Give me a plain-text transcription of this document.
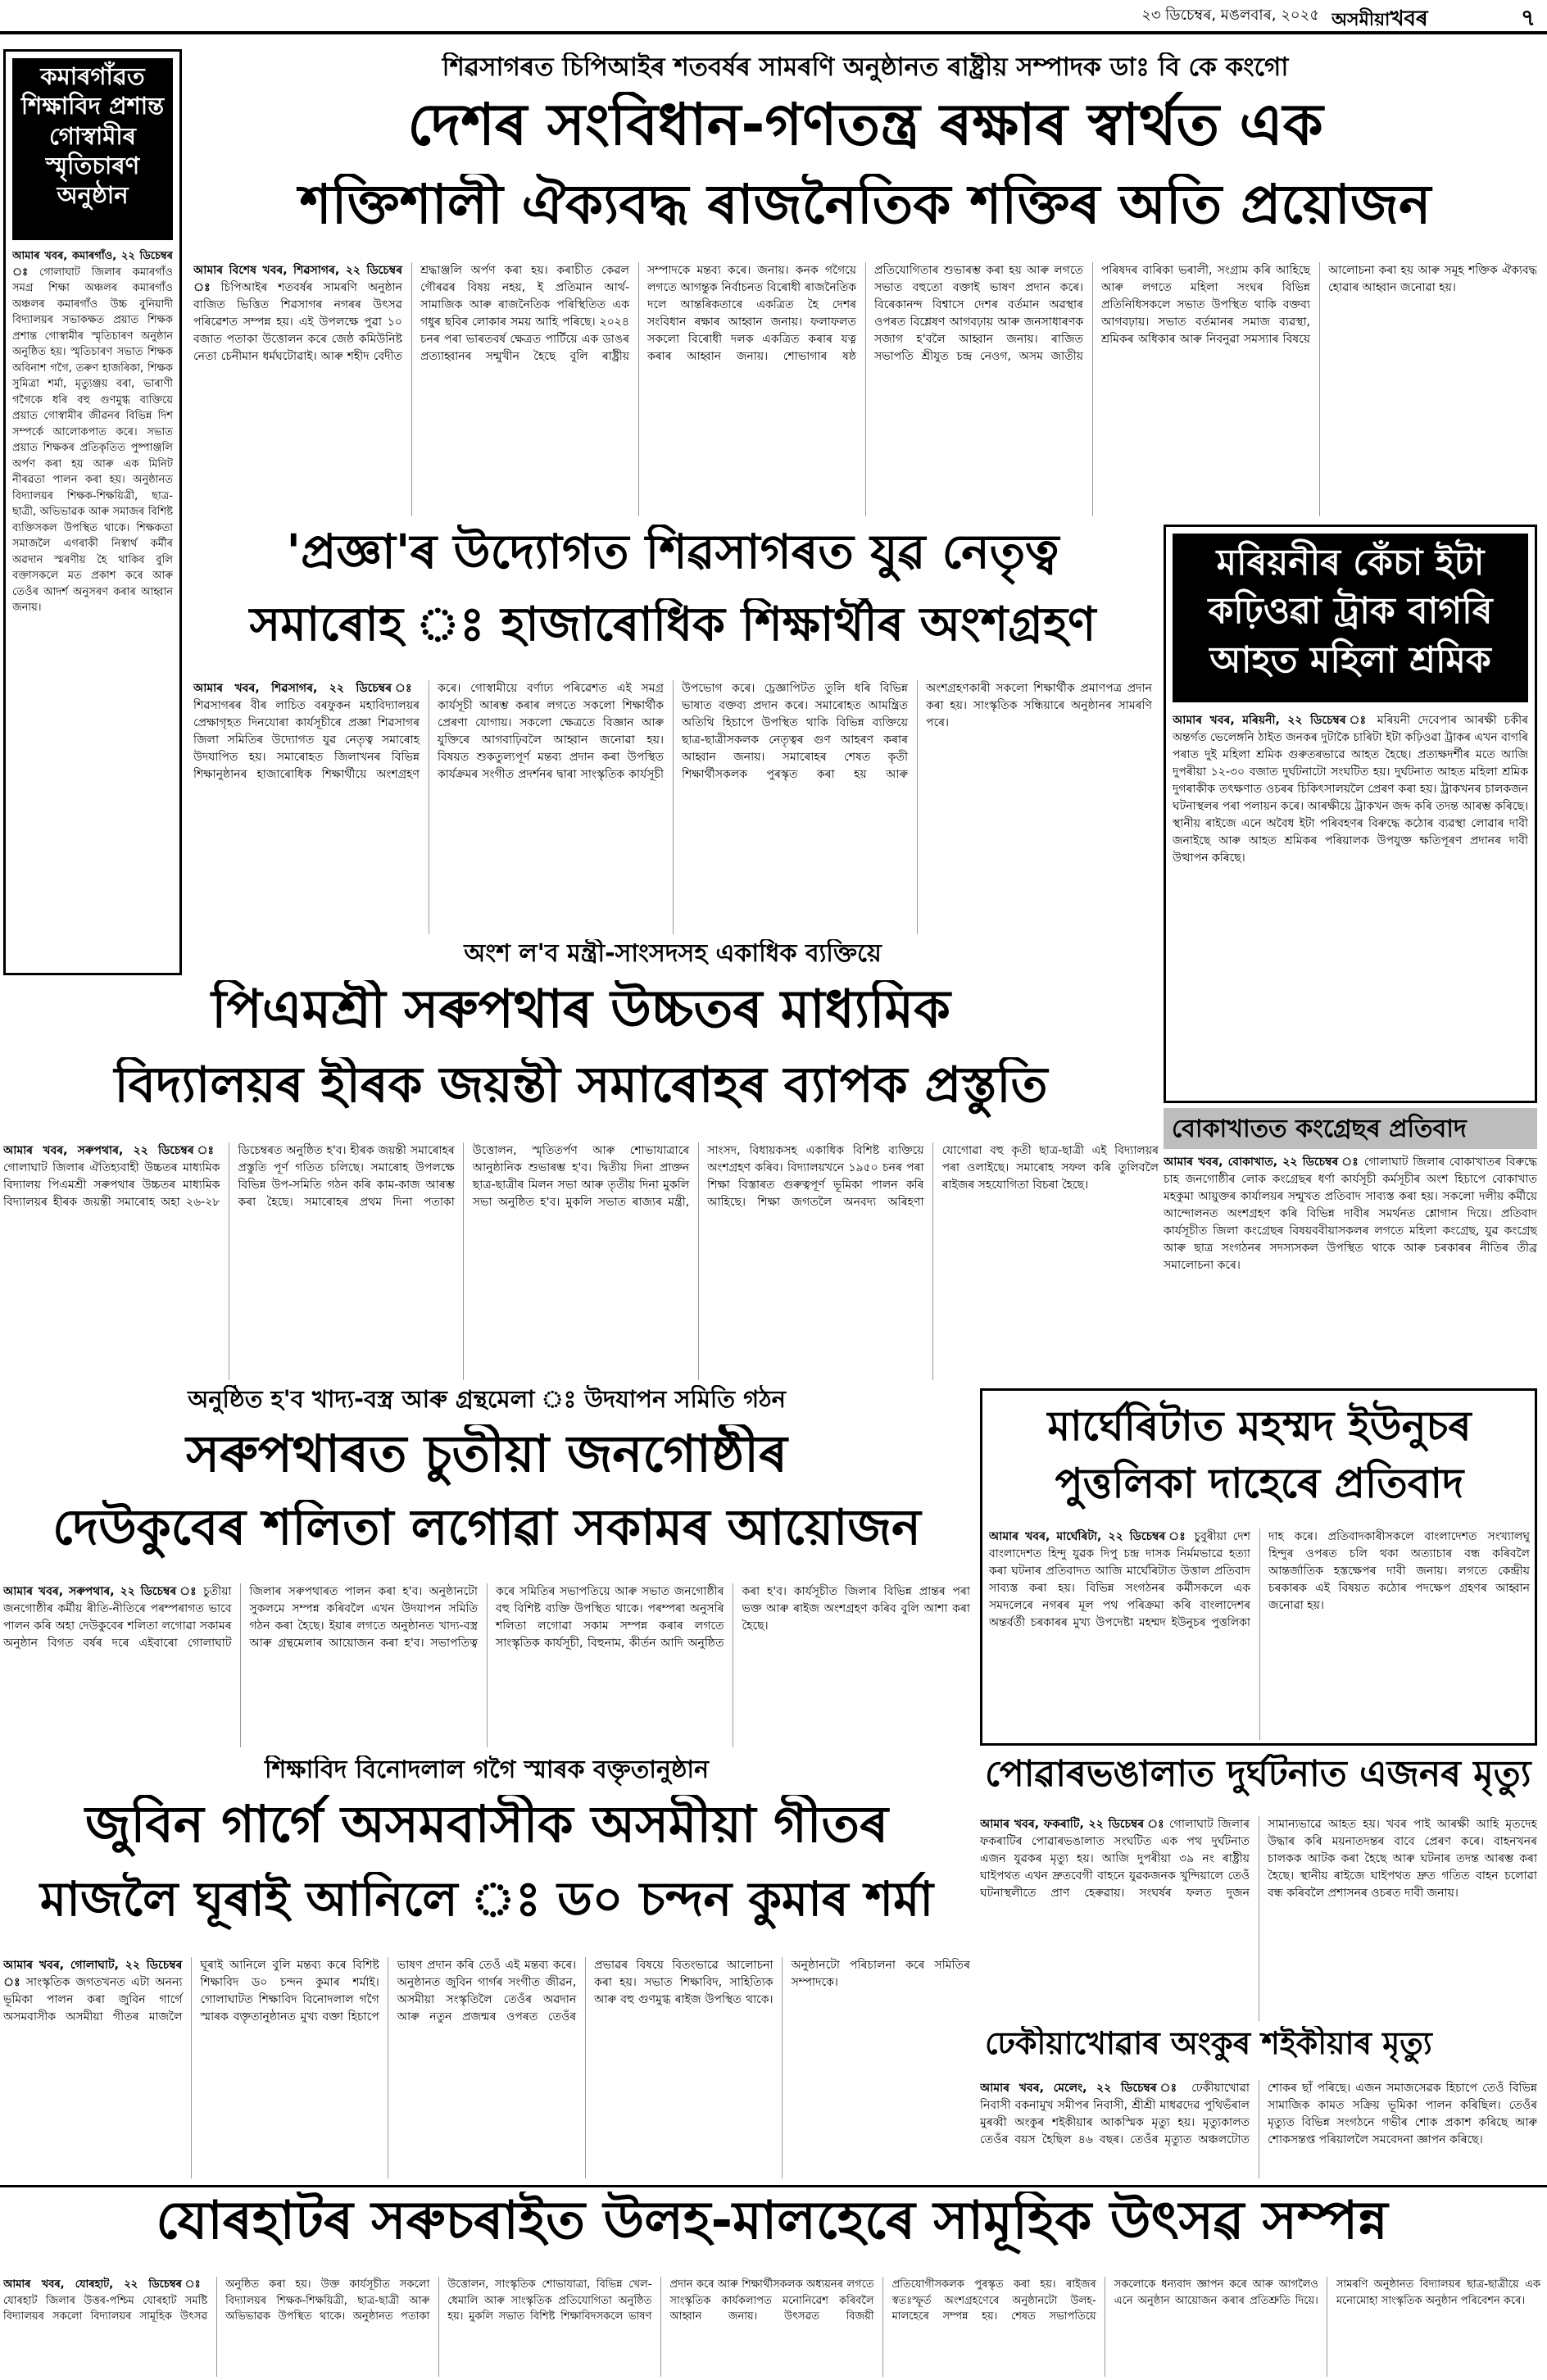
২৩ ডিচেম্বৰ, মঙলবাৰ, ২০২৫ অসমীয়াখবৰ	৭
কমাৰগাঁৱত শিক্ষাবিদ প্ৰশান্ত গোস্বামীৰ স্মৃতিচাৰণ অনুষ্ঠান

আমাৰ খবৰ, কমাৰগাঁও, ২২ ডিচেম্বৰ ঃ গোলাঘাট জিলাৰ কমাৰগাঁও সমগ্ৰ শিক্ষা অঞ্চলৰ কমাৰগাঁও অঞ্চলৰ কমাৰগাঁও উচ্চ বুনিয়াদী বিদ্যালয়ৰ সভাকক্ষত প্ৰয়াত শিক্ষক প্ৰশান্ত গোস্বামীৰ স্মৃতিচাৰণ অনুষ্ঠান অনুষ্ঠিত হয়। স্মৃতিচাৰণ সভাত শিক্ষক অবিনাশ গগৈ, তৰুণ হাজৰিকা, শিক্ষক সুমিত্ৰা শৰ্মা, মৃত্যুঞ্জয় বৰা, ভাৰাণী গগৈকে ধৰি বহু গুণমুগ্ধ ব্যক্তিয়ে প্ৰয়াত গোস্বামীৰ জীৱনৰ বিভিন্ন দিশ সম্পৰ্কে আলোকপাত কৰে। সভাত প্ৰয়াত শিক্ষকৰ প্ৰতিকৃতিত পুষ্পাঞ্জলি অৰ্পণ কৰা হয় আৰু এক মিনিট নীৰৱতা পালন কৰা হয়। অনুষ্ঠানত বিদ্যালয়ৰ শিক্ষক-শিক্ষয়িত্ৰী, ছাত্ৰ-ছাত্ৰী, অভিভাৱক আৰু সমাজৰ বিশিষ্ট ব্যক্তিসকল উপস্থিত থাকে। শিক্ষকতা সমাজলৈ এগৰাকী নিস্বাৰ্থ কৰ্মীৰ অৱদান স্মৰণীয় হৈ থাকিব বুলি বক্তাসকলে মত প্ৰকাশ কৰে আৰু তেওঁৰ আদৰ্শ অনুসৰণ কৰাৰ আহ্বান জনায়।

শিৱসাগৰত চিপিআইৰ শতবৰ্ষৰ সামৰণি অনুষ্ঠানত ৰাষ্ট্ৰীয় সম্পাদক ডাঃ বি কে কংগো
দেশৰ সংবিধান-গণতন্ত্ৰ ৰক্ষাৰ স্বাৰ্থত এক
শক্তিশালী ঐক্যবদ্ধ ৰাজনৈতিক শক্তিৰ অতি প্ৰয়োজন

আমাৰ বিশেষ খবৰ, শিৱসাগৰ, ২২ ডিচেম্বৰ ঃ চিপিআইৰ শতবৰ্ষৰ সামৰণি অনুষ্ঠান বাজিত ভিত্তিত শিৱসাগৰ নগৰৰ উৎসৱ পৰিৱেশত সম্পন্ন হয়। এই উপলক্ষে পুৱা ১০ বজাত পতাকা উত্তোলন কৰে জেষ্ঠ কমিউনিষ্ট নেতা চেনীমান ধৰ্মঘটোৱাই। আৰু শহীদ বেদীত শ্ৰদ্ধাঞ্জলি অৰ্পণ কৰা হয়। কৰাচীত কেৱল গৌৰৱৰ বিষয় নহয়, ই প্ৰতিমান আৰ্থ-সামাজিক আৰু ৰাজনৈতিক পৰিস্থিতিত এক গধুৰ ছবিৰ লোকাৰ সময় আহি পৰিছে। ২০২৪ চনৰ পৰা ভাৰতবৰ্ষ ক্ষেত্ৰত পাৰ্টিয়ে এক ডাঙৰ প্ৰত্যাহ্বানৰ সন্মুখীন হৈছে বুলি ৰাষ্ট্ৰীয় সম্পাদকে মন্তব্য কৰে। জনায়। কনক গগৈয়ে লগতে আগন্তুক নিৰ্বাচনত বিৰোধী ৰাজনৈতিক দলে আন্তৰিকতাৰে একত্ৰিত হৈ দেশৰ সংবিধান ৰক্ষাৰ আহ্বান জনায়। ফলাফলত সকলো বিৰোধী দলক একত্ৰিত কৰাৰ যত্ন কৰাৰ আহ্বান জনায়। শোভাগাৰ ষষ্ঠ প্ৰতিযোগিতাৰ শুভাৰম্ভ কৰা হয় আৰু লগতে সভাত বহুতো বক্তাই ভাষণ প্ৰদান কৰে। বিৰেকানন্দ বিশ্বাসে দেশৰ বৰ্তমান অৱস্থাৰ ওপৰত বিশ্লেষণ আগবঢ়ায় আৰু জনসাধাৰণক সজাগ হ'বলৈ আহ্বান জনায়। ৰাজিত সভাপতি শ্ৰীযুত চন্দ্ৰ নেওগ, অসম জাতীয় পৰিষদৰ বাৰিকা ভৰালী, সংগ্ৰাম কৰি আহিছে আৰু লগতে মহিলা সংঘৰ বিভিন্ন প্ৰতিনিধিসকলে সভাত উপস্থিত থাকি বক্তব্য আগবঢ়ায়। সভাত বৰ্তমানৰ সমাজ ব্যৱস্থা, শ্ৰমিকৰ অধিকাৰ আৰু নিবনুৱা সমস্যাৰ বিষয়ে আলোচনা কৰা হয় আৰু সমূহ শক্তিক ঐক্যবদ্ধ হোৱাৰ আহ্বান জনোৱা হয়।

'প্ৰজ্ঞা'ৰ উদ্যোগত শিৱসাগৰত যুৱ নেতৃত্ব
সমাৰোহ ঃ হাজাৰোধিক শিক্ষাৰ্থীৰ অংশগ্ৰহণ

আমাৰ খবৰ, শিৱসাগৰ, ২২ ডিচেম্বৰ ঃ শিৱসাগৰৰ বীৰ লাচিত বৰফুকন মহাবিদ্যালয়ৰ প্ৰেক্ষাগৃহত দিনযোৰা কাৰ্যসূচীৰে প্ৰজ্ঞা শিৱসাগৰ জিলা সমিতিৰ উদ্যোগত যুৱ নেতৃত্ব সমাৰোহ উদযাপিত হয়। সমাৰোহত জিলাখনৰ বিভিন্ন শিক্ষানুষ্ঠানৰ হাজাৰোধিক শিক্ষাৰ্থীয়ে অংশগ্ৰহণ কৰে। গোস্বামীয়ে বৰ্ণাঢ্য পৰিৱেশত এই সমগ্ৰ কাৰ্যসূচী আৰম্ভ কৰাৰ লগতে সকলো শিক্ষাৰ্থীক প্ৰেৰণা যোগায়। সকলো ক্ষেত্ৰতে বিজ্ঞান আৰু যুক্তিৰে আগবাঢ়িবলৈ আহ্বান জনোৱা হয়। বিষয়ত শুকতুল্যপূৰ্ণ মন্তব্য প্ৰদান কৰা উপস্থিত কাৰ্যক্ৰমৰ সংগীত প্ৰদৰ্শনৰ দ্বাৰা সাংস্কৃতিক কাৰ্যসূচী উপভোগ কৰে। চ্ৰেজ্ঞাপিটত তুলি ধৰি বিভিন্ন ভাষাত বক্তব্য প্ৰদান কৰে। সমাৰোহত আমন্ত্ৰিত অতিথি হিচাপে উপস্থিত থাকি বিভিন্ন ব্যক্তিয়ে ছাত্ৰ-ছাত্ৰীসকলক নেতৃত্বৰ গুণ আহৰণ কৰাৰ আহ্বান জনায়। সমাৰোহৰ শেষত কৃতী শিক্ষাৰ্থীসকলক পুৰস্কৃত কৰা হয় আৰু অংশগ্ৰহণকাৰী সকলো শিক্ষাৰ্থীক প্ৰমাণপত্ৰ প্ৰদান কৰা হয়। সাংস্কৃতিক সন্ধিয়াৰে অনুষ্ঠানৰ সামৰণি পৰে।

মৰিয়নীৰ কেঁচা ইটা কঢ়িওৱা ট্ৰাক বাগৰি আহত মহিলা শ্ৰমিক

আমাৰ খবৰ, মৰিয়নী, ২২ ডিচেম্বৰ ঃ মৰিয়নী দেবেপাৰ আৰক্ষী চকীৰ অন্তৰ্গত ভেলেঙ্গনি ঠাইত জনকৰ দুটাকৈ চাৰিটা ইটা কঢ়িওৱা ট্ৰাকৰ এখন বাগৰি পৰাত দুই মহিলা শ্ৰমিক গুৰুতৰভাৱে আহত হৈছে। প্ৰত্যক্ষদৰ্শীৰ মতে আজি দুপৰীয়া ১২-৩০ বজাত দুৰ্ঘটনাটো সংঘটিত হয়। দুৰ্ঘটনাত আহত মহিলা শ্ৰমিক দুগৰাকীক তৎক্ষণাত ওচৰৰ চিকিৎসালয়লৈ প্ৰেৰণ কৰা হয়। ট্ৰাকখনৰ চালকজন ঘটনাস্থলৰ পৰা পলায়ন কৰে। আৰক্ষীয়ে ট্ৰাকখন জব্দ কৰি তদন্ত আৰম্ভ কৰিছে। স্থানীয় ৰাইজে এনে অবৈধ ইটা পৰিবহণৰ বিৰুদ্ধে কঠোৰ ব্যৱস্থা লোৱাৰ দাবী জনাইছে আৰু আহত শ্ৰমিকৰ পৰিয়ালক উপযুক্ত ক্ষতিপূৰণ প্ৰদানৰ দাবী উত্থাপন কৰিছে।

বোকাখাতত কংগ্ৰেছৰ প্ৰতিবাদ

আমাৰ খবৰ, বোকাখাত, ২২ ডিচেম্বৰ ঃ গোলাঘাট জিলাৰ বোকাখাতৰ বিৰুদ্ধে চাহ জনগোষ্ঠীৰ লোক কংগ্ৰেছৰ ধৰ্ণা কাৰ্যসূচী কৰ্মসূচীৰ অংশ হিচাপে বোকাখাত মহকুমা আয়ুক্তৰ কাৰ্যালয়ৰ সন্মুখত প্ৰতিবাদ সাব্যস্ত কৰা হয়। সকলো দলীয় কৰ্মীয়ে আন্দোলনত অংশগ্ৰহণ কৰি বিভিন্ন দাবীৰ সমৰ্থনত শ্লোগান দিয়ে। প্ৰতিবাদ কাৰ্যসূচীত জিলা কংগ্ৰেছৰ বিষয়ববীয়াসকলৰ লগতে মহিলা কংগ্ৰেছ, যুৱ কংগ্ৰেছ আৰু ছাত্ৰ সংগঠনৰ সদস্যসকল উপস্থিত থাকে আৰু চৰকাৰৰ নীতিৰ তীব্ৰ সমালোচনা কৰে।

অংশ ল'ব মন্ত্ৰী-সাংসদসহ একাধিক ব্যক্তিয়ে
পিএমশ্ৰী সৰুপথাৰ উচ্চতৰ মাধ্যমিক
বিদ্যালয়ৰ হীৰক জয়ন্তী সমাৰোহৰ ব্যাপক প্ৰস্তুতি

আমাৰ খবৰ, সৰুপথাৰ, ২২ ডিচেম্বৰ ঃ গোলাঘাট জিলাৰ ঐতিহ্যবাহী উচ্চতৰ মাধ্যমিক বিদ্যালয় পিএমশ্ৰী সৰুপথাৰ উচ্চতৰ মাধ্যমিক বিদ্যালয়ৰ হীৰক জয়ন্তী সমাৰোহ অহা ২৬-২৮ ডিচেম্বৰত অনুষ্ঠিত হ'ব। হীৰক জয়ন্তী সমাৰোহৰ প্ৰস্তুতি পূৰ্ণ গতিত চলিছে। সমাৰোহ উপলক্ষে বিভিন্ন উপ-সমিতি গঠন কৰি কাম-কাজ আৰম্ভ কৰা হৈছে। সমাৰোহৰ প্ৰথম দিনা পতাকা উত্তোলন, স্মৃতিতৰ্পণ আৰু শোভাযাত্ৰাৰে আনুষ্ঠানিক শুভাৰম্ভ হ'ব। দ্বিতীয় দিনা প্ৰাক্তন ছাত্ৰ-ছাত্ৰীৰ মিলন সভা আৰু তৃতীয় দিনা মুকলি সভা অনুষ্ঠিত হ'ব। মুকলি সভাত ৰাজ্যৰ মন্ত্ৰী, সাংসদ, বিধায়কসহ একাধিক বিশিষ্ট ব্যক্তিয়ে অংশগ্ৰহণ কৰিব। বিদ্যালয়খনে ১৯৫০ চনৰ পৰা শিক্ষা বিস্তাৰত গুৰুত্বপূৰ্ণ ভূমিকা পালন কৰি আহিছে। শিক্ষা জগতলৈ অনবদ্য অৰিহণা যোগোৱা বহু কৃতী ছাত্ৰ-ছাত্ৰী এই বিদ্যালয়ৰ পৰা ওলাইছে। সমাৰোহ সফল কৰি তুলিবলৈ ৰাইজৰ সহযোগিতা বিচৰা হৈছে।

অনুষ্ঠিত হ'ব খাদ্য-বস্ত্ৰ আৰু গ্ৰন্থমেলা ঃ উদযাপন সমিতি গঠন
সৰুপথাৰত চুতীয়া জনগোষ্ঠীৰ
দেউকুবেৰ শলিতা লগোৱা সকামৰ আয়োজন

আমাৰ খবৰ, সৰুপথাৰ, ২২ ডিচেম্বৰ ঃ চুতীয়া জনগোষ্ঠীৰ কৰ্মীয় ৰীতি-নীতিৰে পৰম্পৰাগত ভাবে পালন কৰি অহা দেউকুবেৰ শলিতা লগোৱা সকামৰ অনুষ্ঠান বিগত বৰ্ষৰ দৰে এইবাৰো গোলাঘাট জিলাৰ সৰুপথাৰত পালন কৰা হ'ব। অনুষ্ঠানটো সুকলমে সম্পন্ন কৰিবলৈ এখন উদযাপন সমিতি গঠন কৰা হৈছে। ইয়াৰ লগতে অনুষ্ঠানত খাদ্য-বস্ত্ৰ আৰু গ্ৰন্থমেলাৰ আয়োজন কৰা হ'ব। সভাপতিত্ব কৰে সমিতিৰ সভাপতিয়ে আৰু সভাত জনগোষ্ঠীৰ বহু বিশিষ্ট ব্যক্তি উপস্থিত থাকে। পৰম্পৰা অনুসৰি শলিতা লগোৱা সকাম সম্পন্ন কৰাৰ লগতে সাংস্কৃতিক কাৰ্যসূচী, বিহুনাম, কীৰ্তন আদি অনুষ্ঠিত কৰা হ'ব। কাৰ্যসূচীত জিলাৰ বিভিন্ন প্ৰান্তৰ পৰা ভক্ত আৰু ৰাইজ অংশগ্ৰহণ কৰিব বুলি আশা কৰা হৈছে।

মাৰ্ঘেৰিটাত মহম্মদ ইউনুচৰ পুত্তলিকা দাহেৰে প্ৰতিবাদ

আমাৰ খবৰ, মাৰ্ঘেৰিটা, ২২ ডিচেম্বৰ ঃ চুবুৰীয়া দেশ বাংলাদেশত হিন্দু যুৱক দিপু চন্দ্ৰ দাসক নিৰ্মমভাৱে হত্যা কৰা ঘটনাৰ প্ৰতিবাদত আজি মাৰ্ঘেৰিটাত উত্তাল প্ৰতিবাদ সাব্যস্ত কৰা হয়। বিভিন্ন সংগঠনৰ কৰ্মীসকলে এক সমদলেৰে নগৰৰ মূল পথ পৰিক্ৰমা কৰি বাংলাদেশৰ অন্তৰ্বৰ্তী চৰকাৰৰ মুখ্য উপদেষ্টা মহম্মদ ইউনুচৰ পুত্তলিকা দাহ কৰে। প্ৰতিবাদকাৰীসকলে বাংলাদেশত সংখ্যালঘু হিন্দুৰ ওপৰত চলি থকা অত্যাচাৰ বন্ধ কৰিবলৈ আন্তৰ্জাতিক হস্তক্ষেপৰ দাবী জনায়। লগতে কেন্দ্ৰীয় চৰকাৰক এই বিষয়ত কঠোৰ পদক্ষেপ গ্ৰহণৰ আহ্বান জনোৱা হয়।

পোৱাৰভঙালাত দুৰ্ঘটনাত এজনৰ মৃত্যু

আমাৰ খবৰ, ফকৰাটি, ২২ ডিচেম্বৰ ঃ গোলাঘাট জিলাৰ ফকৰাটিৰ পোৱাৰভঙালাত সংঘটিত এক পথ দুৰ্ঘটনাত এজন যুৱকৰ মৃত্যু হয়। আজি দুপৰীয়া ৩৯ নং ৰাষ্ট্ৰীয় ঘাইপথত এখন দ্ৰুতবেগী বাহনে যুৱকজনক খুন্দিয়ালে তেওঁ ঘটনাস্থলীতে প্ৰাণ হেৰুৱায়। সংঘৰ্ষৰ ফলত দুজন সামান্যভাৱে আহত হয়। খবৰ পাই আৰক্ষী আহি মৃতদেহ উদ্ধাৰ কৰি ময়নাতদন্তৰ বাবে প্ৰেৰণ কৰে। বাহনখনৰ চালকক আটক কৰা হৈছে আৰু ঘটনাৰ তদন্ত আৰম্ভ কৰা হৈছে। স্থানীয় ৰাইজে ঘাইপথত দ্ৰুত গতিত বাহন চলোৱা বন্ধ কৰিবলৈ প্ৰশাসনৰ ওচৰত দাবী জনায়।

ঢেকীয়াখোৱাৰ অংকুৰ শইকীয়াৰ মৃত্যু

আমাৰ খবৰ, মেলেং, ২২ ডিচেম্বৰ ঃ ঢেকীয়াখোৱা নিবাসী বকনামুখ সমীপৰ নিবাসী, শ্ৰীশ্ৰী মাধৱদেৱ পুথিভঁৰাল মুৰব্বী অংকুৰ শইকীয়াৰ আকস্মিক মৃত্যু হয়। মৃত্যুকালত তেওঁৰ বয়স হৈছিল ৪৬ বছৰ। তেওঁৰ মৃত্যুত অঞ্চলটোত শোকৰ ছাঁ পৰিছে। এজন সমাজসেৱক হিচাপে তেওঁ বিভিন্ন সামাজিক কামত সক্ৰিয় ভূমিকা পালন কৰিছিল। তেওঁৰ মৃত্যুত বিভিন্ন সংগঠনে গভীৰ শোক প্ৰকাশ কৰিছে আৰু শোকসন্তপ্ত পৰিয়াললৈ সমবেদনা জ্ঞাপন কৰিছে।

শিক্ষাবিদ বিনোদলাল গগৈ স্মাৰক বক্তৃতানুষ্ঠান
জুবিন গাৰ্গে অসমবাসীক অসমীয়া গীতৰ
মাজলৈ ঘূৰাই আনিলে ঃ ড০ চন্দন কুমাৰ শৰ্মা

আমাৰ খবৰ, গোলাঘাট, ২২ ডিচেম্বৰ ঃ সাংস্কৃতিক জগতখনত এটা অনন্য ভূমিকা পালন কৰা জুবিন গাৰ্গে অসমবাসীক অসমীয়া গীতৰ মাজলৈ ঘূৰাই আনিলে বুলি মন্তব্য কৰে বিশিষ্ট শিক্ষাবিদ ড০ চন্দন কুমাৰ শৰ্মাই। গোলাঘাটত শিক্ষাবিদ বিনোদলাল গগৈ স্মাৰক বক্তৃতানুষ্ঠানত মুখ্য বক্তা হিচাপে ভাষণ প্ৰদান কৰি তেওঁ এই মন্তব্য কৰে। অনুষ্ঠানত জুবিন গাৰ্গৰ সংগীত জীৱন, অসমীয়া সংস্কৃতিলৈ তেওঁৰ অৱদান আৰু নতুন প্ৰজন্মৰ ওপৰত তেওঁৰ প্ৰভাৱৰ বিষয়ে বিতংভাৱে আলোচনা কৰা হয়। সভাত শিক্ষাবিদ, সাহিত্যিক আৰু বহু গুণমুগ্ধ ৰাইজ উপস্থিত থাকে। অনুষ্ঠানটো পৰিচালনা কৰে সমিতিৰ সম্পাদকে।

যোৰহাটৰ সৰুচৰাইত উলহ-মালহেৰে সামূহিক উৎসৱ সম্পন্ন

আমাৰ খবৰ, যোৰহাট, ২২ ডিচেম্বৰ ঃ যোৰহাট জিলাৰ উত্তৰ-পশ্চিম যোৰহাট সমষ্টি বিদ্যালয়ৰ সকলো বিদ্যালয়ৰ সামূহিক উৎসৱ অনুষ্ঠিত কৰা হয়। উক্ত কাৰ্যসূচীত সকলো বিদ্যালয়ৰ শিক্ষক-শিক্ষয়িত্ৰী, ছাত্ৰ-ছাত্ৰী আৰু অভিভাৱক উপস্থিত থাকে। অনুষ্ঠানত পতাকা উত্তোলন, সাংস্কৃতিক শোভাযাত্ৰা, বিভিন্ন খেল-ধেমালি আৰু সাংস্কৃতিক প্ৰতিযোগিতা অনুষ্ঠিত হয়। মুকলি সভাত বিশিষ্ট শিক্ষাবিদসকলে ভাষণ প্ৰদান কৰে আৰু শিক্ষাৰ্থীসকলক অধ্যয়নৰ লগতে সাংস্কৃতিক কাৰ্যকলাপত মনোনিৱেশ কৰিবলৈ আহ্বান জনায়। উৎসৱত বিজয়ী প্ৰতিযোগীসকলক পুৰস্কৃত কৰা হয়। ৰাইজৰ স্বতঃস্ফূৰ্ত অংশগ্ৰহণেৰে অনুষ্ঠানটো উলহ-মালহেৰে সম্পন্ন হয়। শেষত সভাপতিয়ে সকলোকে ধন্যবাদ জ্ঞাপন কৰে আৰু আগলৈও এনে অনুষ্ঠান আয়োজন কৰাৰ প্ৰতিশ্ৰুতি দিয়ে। সামৰণি অনুষ্ঠানত বিদ্যালয়ৰ ছাত্ৰ-ছাত্ৰীয়ে এক মনোমোহা সাংস্কৃতিক অনুষ্ঠান পৰিবেশন কৰে।
